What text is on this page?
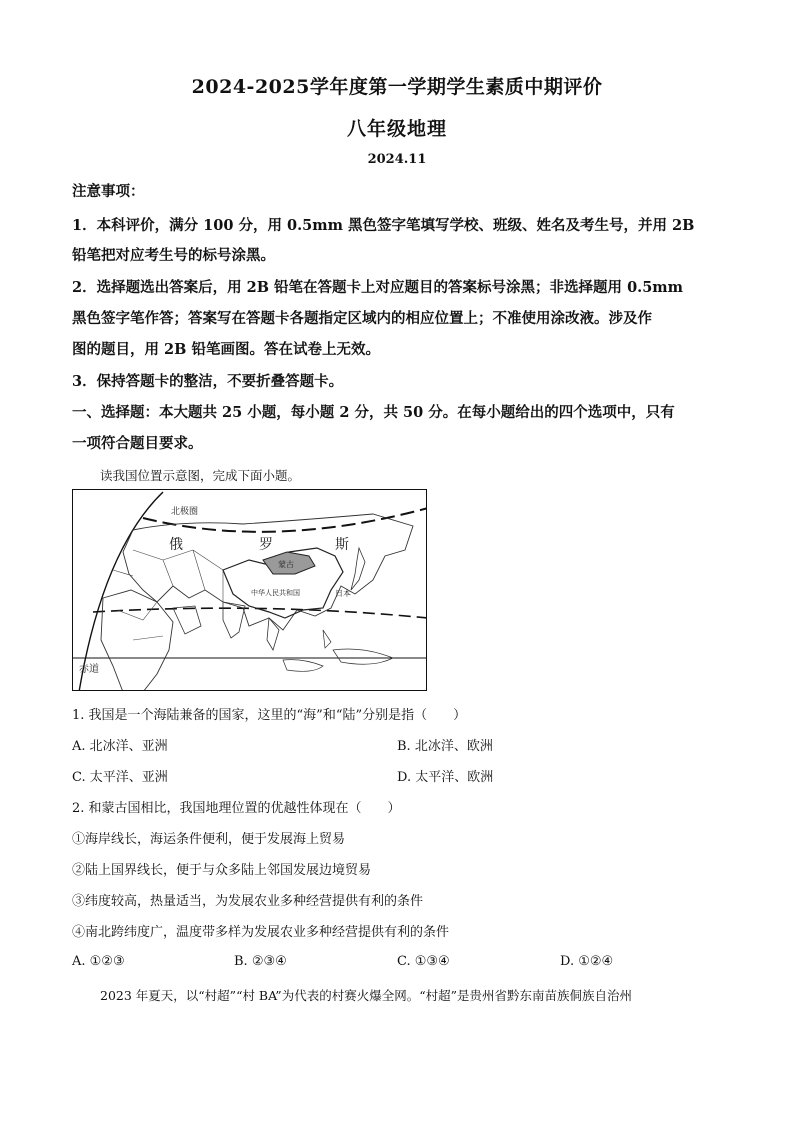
2024-2025学年度第一学期学生素质中期评价
八年级地理
2024.11
注意事项：
1．本科评价，满分 100 分，用 0.5mm 黑色签字笔填写学校、班级、姓名及考生号，并用 2B
铅笔把对应考生号的标号涂黑。
2．选择题选出答案后，用 2B 铅笔在答题卡上对应题目的答案标号涂黑；非选择题用 0.5mm
黑色签字笔作答；答案写在答题卡各题指定区域内的相应位置上；不准使用涂改液。涉及作
图的题目，用 2B 铅笔画图。答在试卷上无效。
3．保持答题卡的整洁，不要折叠答题卡。
一、选择题：本大题共 25 小题，每小题 2 分，共 50 分。在每小题给出的四个选项中，只有
一项符合题目要求。
读我国位置示意图，完成下面小题。
北极圈
俄	罗	斯
蒙古
中华人民共和国	日本
赤道
1. 我国是一个海陆兼备的国家，这里的“海”和“陆”分别是指（　　）
A. 北冰洋、亚洲	B. 北冰洋、欧洲
C. 太平洋、亚洲	D. 太平洋、欧洲
2. 和蒙古国相比，我国地理位置的优越性体现在（　　）
①海岸线长，海运条件便利，便于发展海上贸易
②陆上国界线长，便于与众多陆上邻国发展边境贸易
③纬度较高，热量适当，为发展农业多种经营提供有利的条件
④南北跨纬度广，温度带多样为发展农业多种经营提供有利的条件
A. ①②③	B. ②③④	C. ①③④	D. ①②④
2023 年夏天，以“村超”“村 BA”为代表的村赛火爆全网。“村超”是贵州省黔东南苗族侗族自治州
